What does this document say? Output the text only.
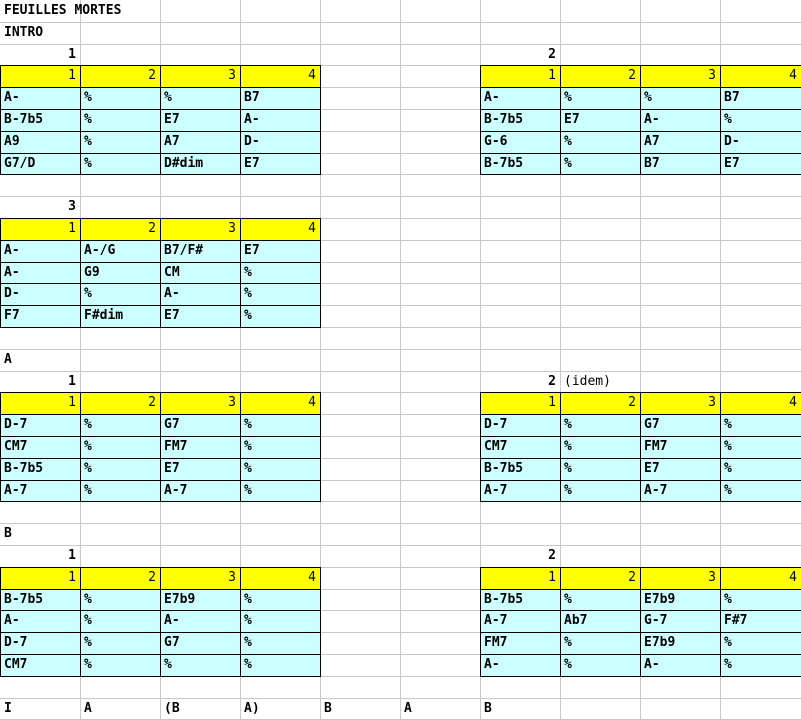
FEUILLES MORTES
INTRO
A
B
1
1	2	3	4
A-	%	%	B7
B-7b5	%	E7	A-
A9	%	A7	D-
G7/D	%	D#dim	E7
2
1	2	3	4
A-	%	%	B7
B-7b5	E7	A-	%
G-6	%	A7	D-
B-7b5	%	B7	E7
3
1	2	3	4
A-	A-/G	B7/F#	E7
A-	G9	CM	%
D-	%	A-	%
F7	F#dim	E7	%
1
1	2	3	4
D-7	%	G7	%
CM7	%	FM7	%
B-7b5	%	E7	%
A-7	%	A-7	%
2 (idem)
1	2	3	4
D-7	%	G7	%
CM7	%	FM7	%
B-7b5	%	E7	%
A-7	%	A-7	%
1
1	2	3	4
B-7b5	%	E7b9	%
A-	%	A-	%
D-7	%	G7	%
CM7	%	%	%
2
1	2	3	4
B-7b5	%	E7b9	%
A-7	Ab7	G-7	F#7
FM7	%	E7b9	%
A-	%	A-	%
I	A	(B	A)	B	A	B
